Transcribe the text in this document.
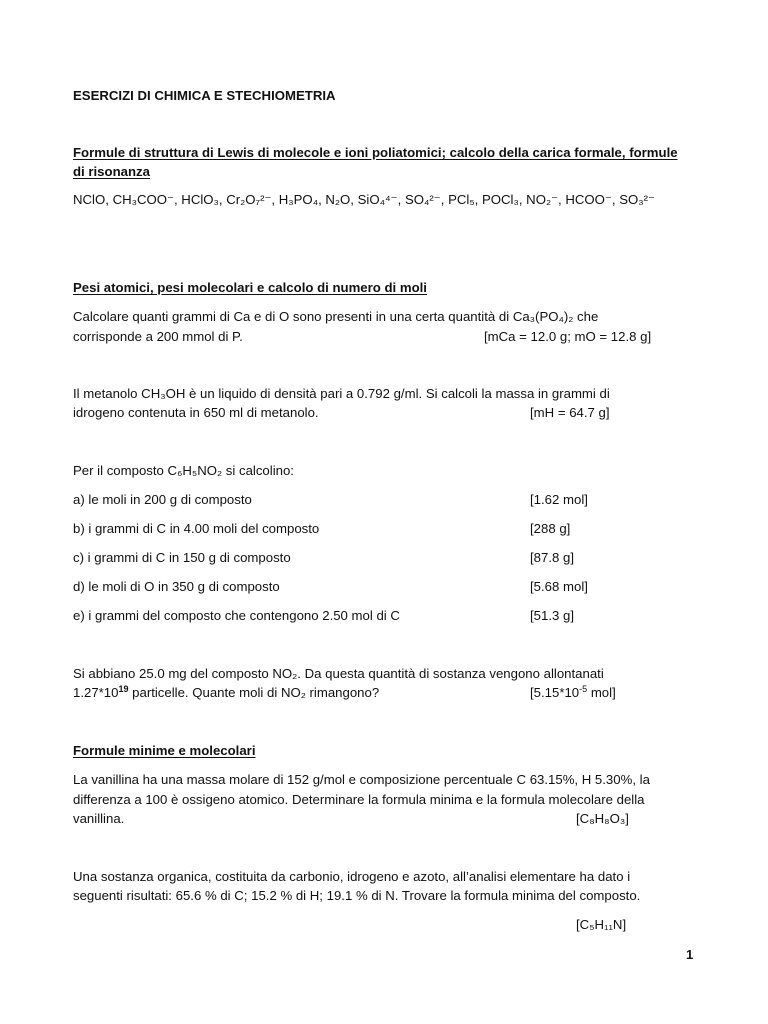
ESERCIZI DI CHIMICA E STECHIOMETRIA
Formule di struttura di Lewis di molecole e ioni poliatomici; calcolo della carica formale, formule
di risonanza
NClO, CH₃COO⁻, HClO₃, Cr₂O₇²⁻, H₃PO₄, N₂O, SiO₄⁴⁻, SO₄²⁻, PCl₅, POCl₃, NO₂⁻, HCOO⁻, SO₃²⁻
Pesi atomici, pesi molecolari e calcolo di numero di moli
Calcolare quanti grammi di Ca e di O sono presenti in una certa quantità di Ca₃(PO₄)₂ che
corrisponde a 200 mmol di P.	[mCa = 12.0 g; mO = 12.8 g]
Il metanolo CH₃OH è un liquido di densità pari a 0.792 g/ml. Si calcoli la massa in grammi di
idrogeno contenuta in 650 ml di metanolo.	[mH = 64.7 g]
Per il composto C₆H₅NO₂ si calcolino:
a) le moli in 200 g di composto	[1.62 mol]
b) i grammi di C in 4.00 moli del composto	[288 g]
c) i grammi di C in 150 g di composto	[87.8 g]
d) le moli di O in 350 g di composto	[5.68 mol]
e) i grammi del composto che contengono 2.50 mol di C	[51.3 g]
Si abbiano 25.0 mg del composto NO₂. Da questa quantità di sostanza vengono allontanati
$1.27*10^{19}$ particelle. Quante moli di NO₂ rimangono?	[$5.15*10^{-5}$ mol]
Formule minime e molecolari
La vanillina ha una massa molare di 152 g/mol e composizione percentuale C 63.15%, H 5.30%, la
differenza a 100 è ossigeno atomico. Determinare la formula minima e la formula molecolare della
vanillina.	[C₈H₈O₃]
Una sostanza organica, costituita da carbonio, idrogeno e azoto, all’analisi elementare ha dato i
seguenti risultati: 65.6 % di C; 15.2 % di H; 19.1 % di N. Trovare la formula minima del composto.
[C₅H₁₁N]
1
